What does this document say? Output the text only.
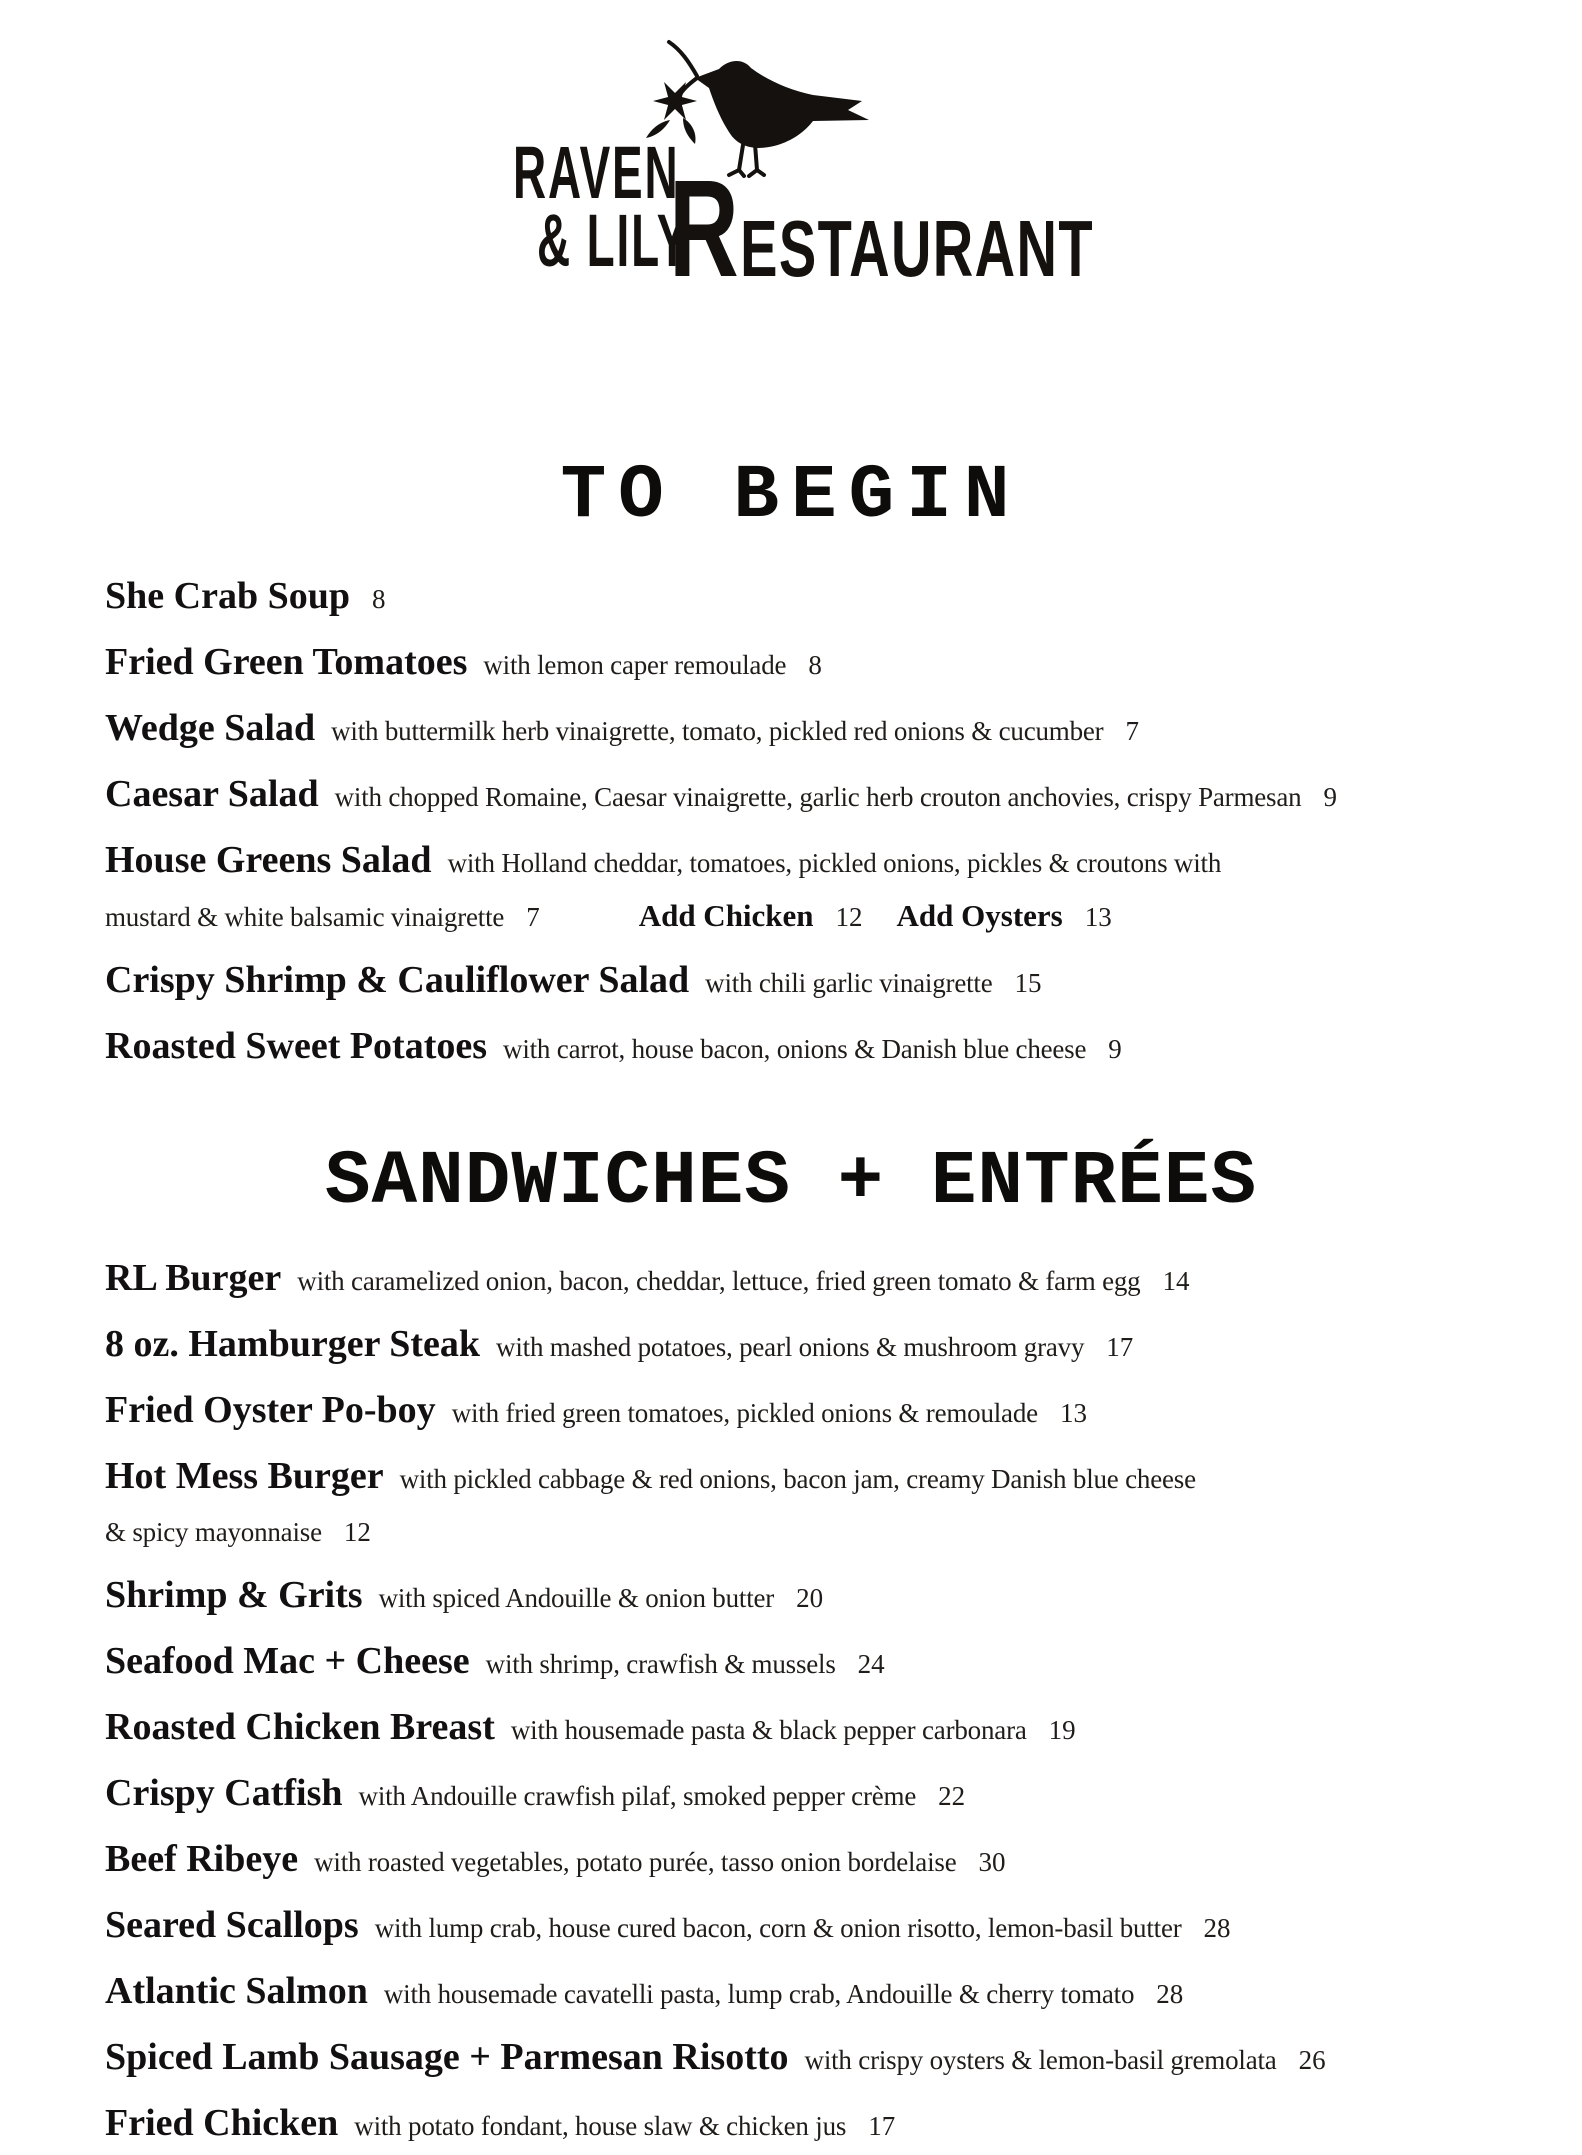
RAVEN
& LILY
RESTAURANT
TO BEGIN
She Crab Soup 8
Fried Green Tomatoes with lemon caper remoulade 8
Wedge Salad with buttermilk herb vinaigrette, tomato, pickled red onions & cucumber 7
Caesar Salad with chopped Romaine, Caesar vinaigrette, garlic herb crouton anchovies, crispy Parmesan 9
House Greens Salad with Holland cheddar, tomatoes, pickled onions, pickles & croutons with
mustard & white balsamic vinaigrette 7	Add Chicken 12 Add Oysters 13
Crispy Shrimp & Cauliflower Salad with chili garlic vinaigrette 15
Roasted Sweet Potatoes with carrot, house bacon, onions & Danish blue cheese 9
SANDWICHES + ENTRÉES
RL Burger with caramelized onion, bacon, cheddar, lettuce, fried green tomato & farm egg 14
8 oz. Hamburger Steak with mashed potatoes, pearl onions & mushroom gravy 17
Fried Oyster Po-boy with fried green tomatoes, pickled onions & remoulade 13
Hot Mess Burger with pickled cabbage & red onions, bacon jam, creamy Danish blue cheese
& spicy mayonnaise 12
Shrimp & Grits with spiced Andouille & onion butter 20
Seafood Mac + Cheese with shrimp, crawfish & mussels 24
Roasted Chicken Breast with housemade pasta & black pepper carbonara 19
Crispy Catfish with Andouille crawfish pilaf, smoked pepper crème 22
Beef Ribeye with roasted vegetables, potato purée, tasso onion bordelaise 30
Seared Scallops with lump crab, house cured bacon, corn & onion risotto, lemon-basil butter 28
Atlantic Salmon with housemade cavatelli pasta, lump crab, Andouille & cherry tomato 28
Spiced Lamb Sausage + Parmesan Risotto with crispy oysters & lemon-basil gremolata 26
Fried Chicken with potato fondant, house slaw & chicken jus 17
